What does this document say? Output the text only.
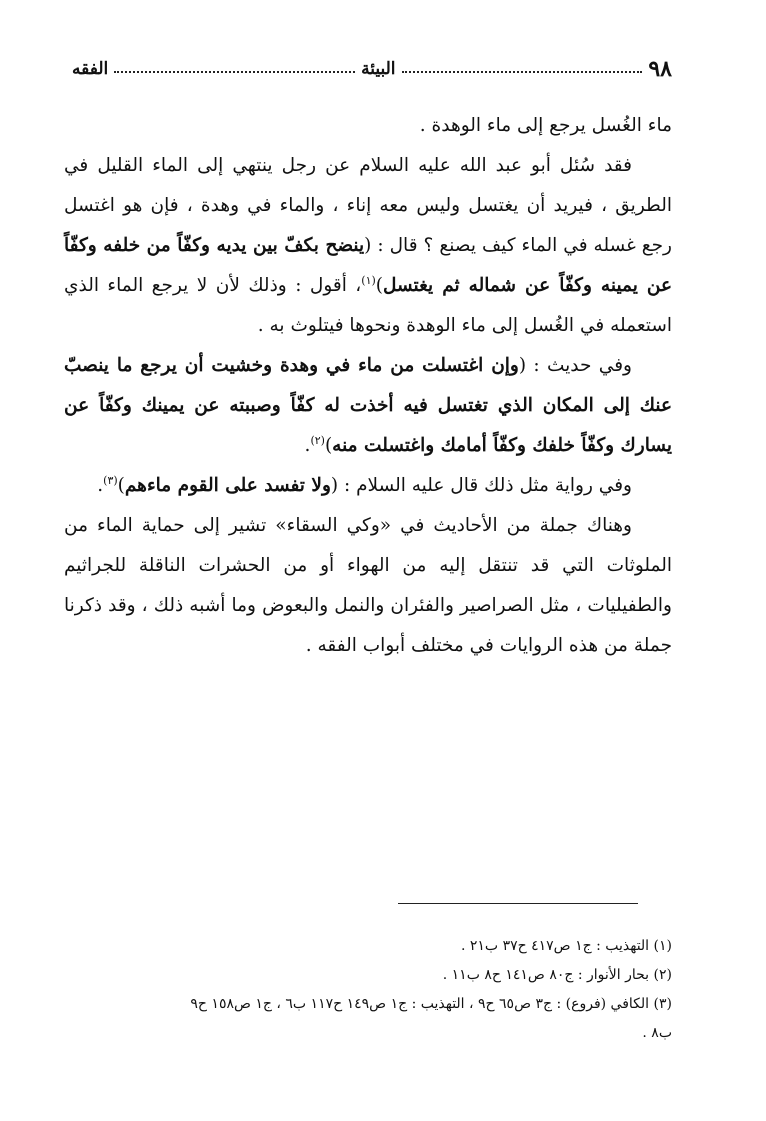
٩٨
البيئة
الفقه

ماء الغُسل يرجع إلى ماء الوهدة .

فقد سُئل أبو عبد الله عليه السلام عن رجل ينتهي إلى الماء القليل في الطريق ، فيريد أن يغتسل وليس معه إناء ، والماء في وهدة ، فإن هو اغتسل رجع غسله في الماء كيف يصنع ؟ قال : (ينضح بكفّ بين يديه وكفّاً من خلفه وكفّاً عن يمينه وكفّاً عن شماله ثم يغتسل)$^{(١)}$، أقول : وذلك لأن لا يرجع الماء الذي استعمله في الغُسل إلى ماء الوهدة ونحوها فيتلوث به .

وفي حديث : (وإن اغتسلت من ماء في وهدة وخشيت أن يرجع ما ينصبّ عنك إلى المكان الذي تغتسل فيه أخذت له كفّاً وصببته عن يمينك وكفّاً عن يسارك وكفّاً خلفك وكفّاً أمامك واغتسلت منه)$^{(٢)}$.

وفي رواية مثل ذلك قال عليه السلام : (ولا تفسد على القوم ماءهم)$^{(٣)}$.

وهناك جملة من الأحاديث في «وكي السقاء» تشير إلى حماية الماء من الملوثات التي قد تنتقل إليه من الهواء أو من الحشرات الناقلة للجراثيم والطفيليات ، مثل الصراصير والفئران والنمل والبعوض وما أشبه ذلك ، وقد ذكرنا جملة من هذه الروايات في مختلف أبواب الفقه .

(١) التهذيب : ج١ ص٤١٧ ح٣٧ ب٢١ .
(٢) بحار الأنوار : ج٨٠ ص١٤١ ح٨ ب١١ .
(٣) الكافي (فروع) : ج٣ ص٦٥ ح٩ ، التهذيب : ج١ ص١٤٩ ح١١٧ ب٦ ، ج١ ص١٥٨ ح٩
ب٨ .
